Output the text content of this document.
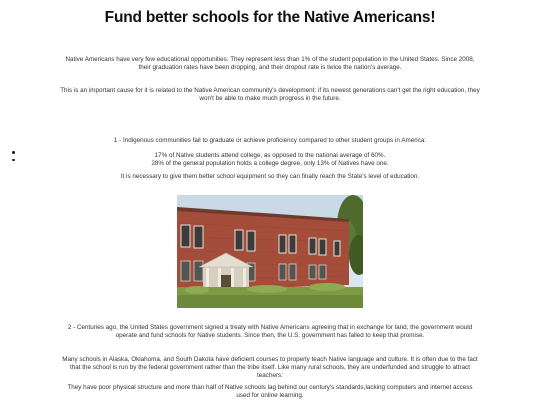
Fund better schools for the Native Americans!

Native Americans have very few educational opportunities: They represent less than 1% of the student population in the United States. Since 2008, their graduation rates have been dropping, and their dropout rate is twice the nation's average.

This is an important cause for it is related to the Native American community's development: if its newest generations can't get the right education, they won't be able to make much progress in the future.

1 - Indigenous communities fail to graduate or achieve proficiency compared to other student groups in America:

17% of Native students attend college, as opposed to the national average of 60%.

28% of the general population holds a college degree, only 13% of Natives have one.

It is necessary to give them better school equipment so they can finally reach the State's level of education.

2 - Centuries ago, the United States government signed a treaty with Native Americans agreeing that in exchange for land, the government would operate and fund schools for Native students. Since then, the U.S. government has failed to keep that promise.

Many schools in Alaska, Oklahoma, and South Dakota have deficient courses to properly teach Native language and culture. It is often due to the fact that the school is run by the federal government rather than the tribe itself. Like many rural schools, they are underfunded and struggle to attract teachers:

They have poor physical structure and more than half of Native schools lag behind our century's standards,lacking computers and internet access used for online learning.
